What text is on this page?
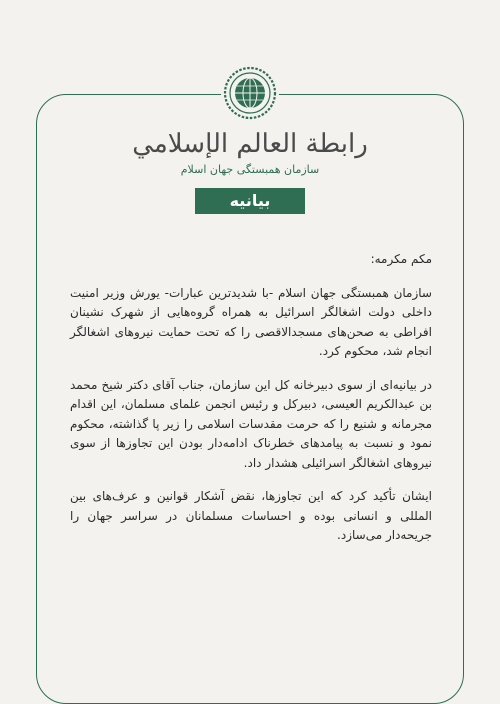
رابطة العالم الإسلامي
سازمان همبستگی جهان اسلام
بیانیه

مکم مکرمه:

سازمان همبستگی جهان اسلام -با شدیدترین عبارات- یورش وزیر امنیت داخلی دولت اشغالگر اسرائیل به همراه گروه‌هایی از شهرک نشینان افراطی به صحن‌های مسجدالاقصی را که تحت حمایت نیروهای اشغالگر انجام شد، محکوم کرد.

در بیانیه‌ای از سوی دبیرخانه کل این سازمان، جناب آقای دکتر شیخ محمد بن عبدالکریم العیسی، دبیرکل و رئیس انجمن علمای مسلمان، این اقدام مجرمانه و شنیع را که حرمت مقدسات اسلامی را زیر پا گذاشته، محکوم نمود و نسبت به پیامدهای خطرناک ادامه‌دار بودن این تجاوزها از سوی نیروهای اشغالگر اسرائیلی هشدار داد.

ایشان تأکید کرد که این تجاوزها، نقض آشکار قوانین و عرف‌های بین المللی و انسانی بوده و احساسات مسلمانان در سراسر جهان را جریحه‌دار می‌سازد.
